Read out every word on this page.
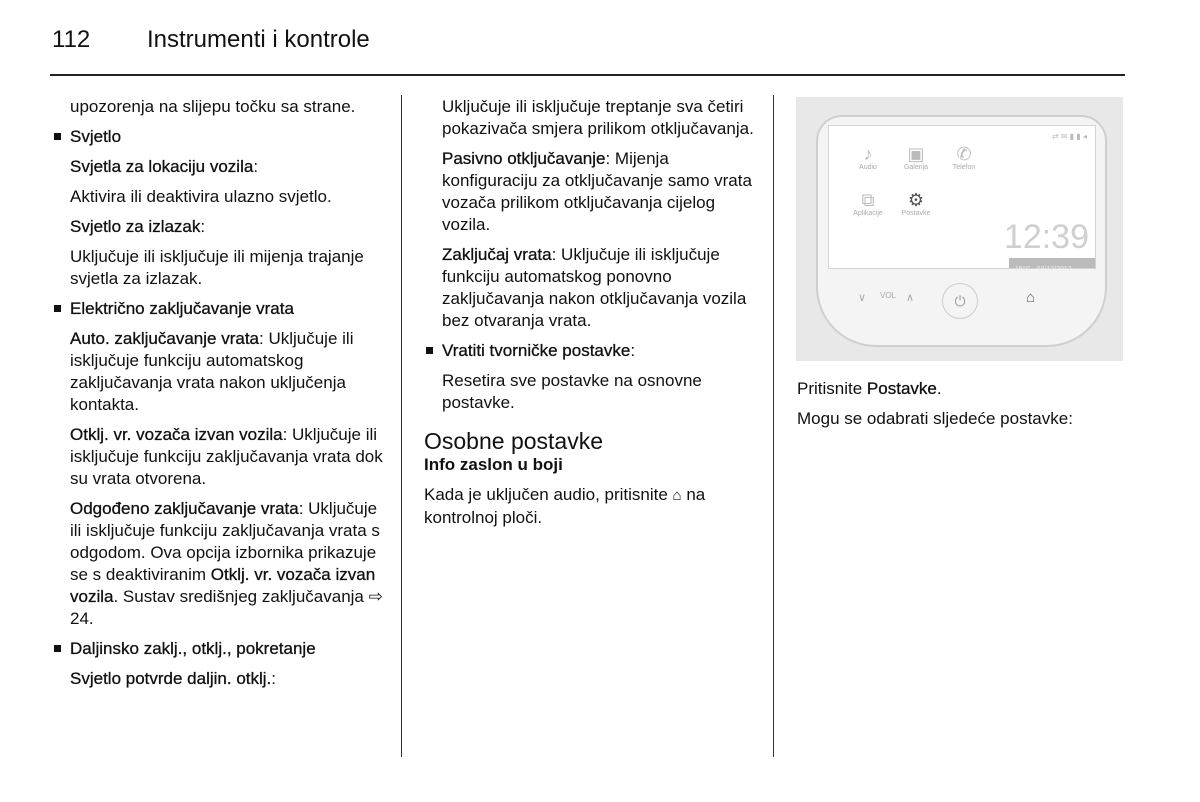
112 Instrumenti i kontrole

upozorenja na slijepu točku sa strane.

Svjetlo

Svjetla za lokaciju vozila:

Aktivira ili deaktivira ulazno svjetlo.

Svjetlo za izlazak:

Uključuje ili isključuje ili mijenja trajanje svjetla za izlazak.

Električno zaključavanje vrata

Auto. zaključavanje vrata: Uključuje ili isključuje funkciju automatskog zaključavanja vrata nakon uključenja kontakta.

Otklj. vr. vozača izvan vozila: Uključuje ili isključuje funkciju zaključavanja vrata dok su vrata otvorena.

Odgođeno zaključavanje vrata: Uključuje ili isključuje funkciju zaključavanja vrata s odgodom. Ova opcija izbornika prikazuje se s deaktiviranim Otklj. vr. vozača izvan vozila. Sustav središnjeg zaključavanja ⇨ 24.

Daljinsko zaklj., otklj., pokretanje

Svjetlo potvrde daljin. otklj.:

Uključuje ili isključuje treptanje sva četiri pokazivača smjera prilikom otključavanja.

Pasivno otključavanje: Mijenja konfiguraciju za otključavanje samo vrata vozača prilikom otključavanja cijelog vozila.

Zaključaj vrata: Uključuje ili isključuje funkciju automatskog ponovno zaključavanja nakon otključavanja vozila bez otvaranja vrata.

Vratiti tvorničke postavke:

Resetira sve postavke na osnovne postavke.

Osobne postavke
Info zaslon u boji

Kada je uključen audio, pritisnite ⌂ na kontrolnoj ploči.

⇄ ✉ ▮ ▮ ◂
♪
Audio
▣
Galerija
✆
Telefon
⧉
Aplikacije
⚙
Postavke
12:39
15°C 03/12/2012
∨ VOL ∧	⏻	⌂

Pritisnite Postavke.

Mogu se odabrati sljedeće postavke:
